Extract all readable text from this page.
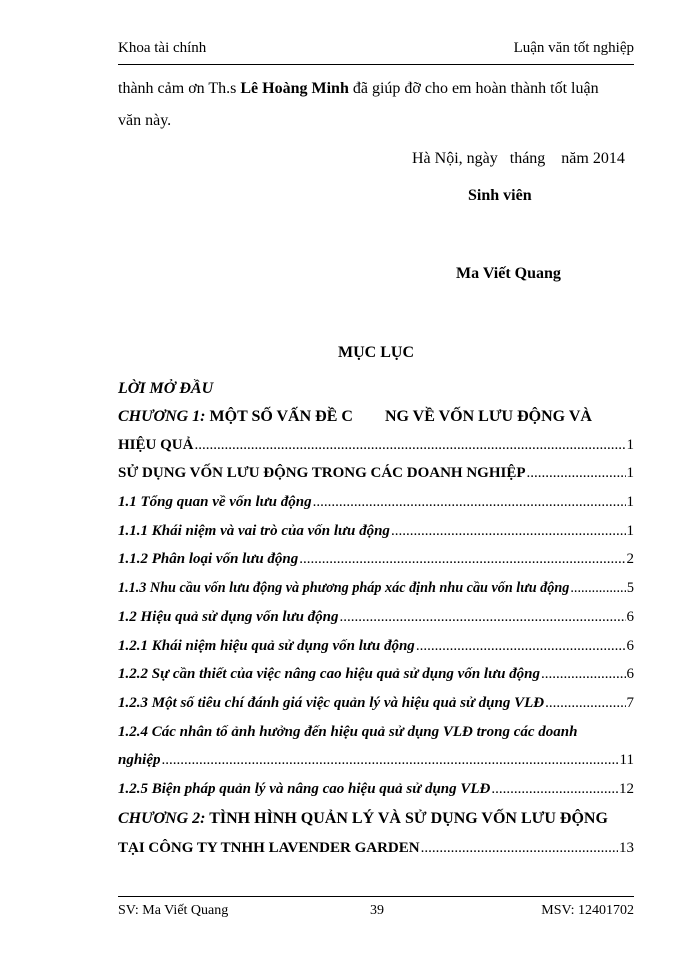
Khoa tài chính	Luận văn tốt nghiệp
thành cảm ơn Th.s Lê Hoàng Minh đã giúp đỡ cho em hoàn thành tốt luận
văn này.
Hà Nội, ngày   tháng    năm 2014
Sinh viên
Ma Viết Quang
MỤC LỤC
LỜI MỞ ĐẦU
CHƯƠNG 1: MỘT SỐ VẤN ĐỀ C        NG VỀ VỐN LƯU ĐỘNG VÀ
HIỆU QUẢ .....	1
SỬ DỤNG VỐN LƯU ĐỘNG TRONG CÁC DOANH NGHIỆP .....	1
1.1 Tổng quan về vốn lưu động .....	1
1.1.1 Khái niệm và vai trò của vốn lưu động .....	1
1.1.2 Phân loại vốn lưu động .....	2
1.1.3 Nhu cầu vốn lưu động và phương pháp xác định nhu cầu vốn lưu động .....	5
1.2 Hiệu quả sử dụng vốn lưu động .....	6
1.2.1 Khái niệm hiệu quả sử dụng vốn lưu động .....	6
1.2.2 Sự cần thiết của việc nâng cao hiệu quả sử dụng vốn lưu động .....	6
1.2.3 Một số tiêu chí đánh giá việc quản lý và hiệu quả sử dụng VLĐ .....	7
1.2.4 Các nhân tố ảnh hưởng đến hiệu quả sử dụng VLĐ trong các doanh
nghiệp .....	11
1.2.5 Biện pháp quản lý và nâng cao hiệu quả sử dụng VLĐ .....	12
CHƯƠNG 2: TÌNH HÌNH QUẢN LÝ VÀ SỬ DỤNG VỐN LƯU ĐỘNG
TẠI CÔNG TY TNHH LAVENDER GARDEN .....	13
SV: Ma Viết Quang	39	MSV: 12401702
